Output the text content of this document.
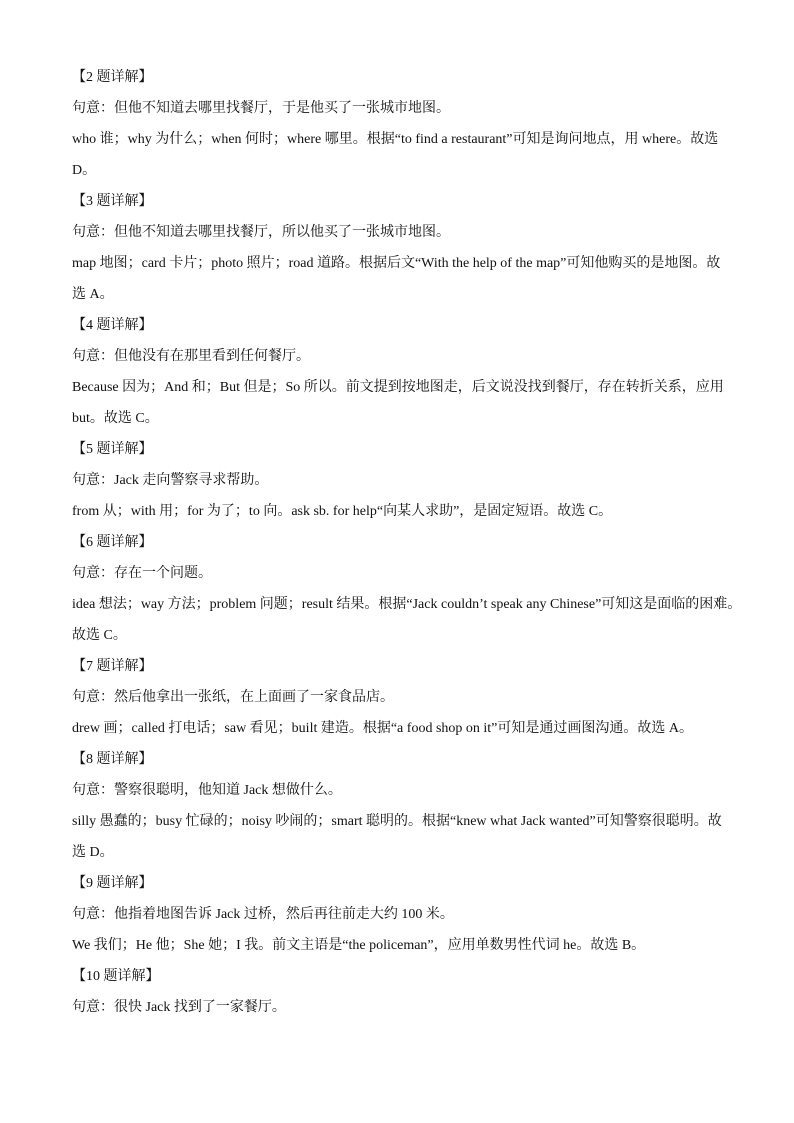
【2 题详解】
句意：但他不知道去哪里找餐厅，于是他买了一张城市地图。
who 谁；why 为什么；when 何时；where 哪里。根据“to find a restaurant”可知是询问地点，用 where。故选
D。
【3 题详解】
句意：但他不知道去哪里找餐厅，所以他买了一张城市地图。
map 地图；card 卡片；photo 照片；road 道路。根据后文“With the help of the map”可知他购买的是地图。故
选 A。
【4 题详解】
句意：但他没有在那里看到任何餐厅。
Because 因为；And 和；But 但是；So 所以。前文提到按地图走，后文说没找到餐厅，存在转折关系，应用
but。故选 C。
【5 题详解】
句意：Jack 走向警察寻求帮助。
from 从；with 用；for 为了；to 向。ask sb. for help“向某人求助”，是固定短语。故选 C。
【6 题详解】
句意：存在一个问题。
idea 想法；way 方法；problem 问题；result 结果。根据“Jack couldn’t speak any Chinese”可知这是面临的困难。
故选 C。
【7 题详解】
句意：然后他拿出一张纸，在上面画了一家食品店。
drew 画；called 打电话；saw 看见；built 建造。根据“a food shop on it”可知是通过画图沟通。故选 A。
【8 题详解】
句意：警察很聪明，他知道 Jack 想做什么。
silly 愚蠢的；busy 忙碌的；noisy 吵闹的；smart 聪明的。根据“knew what Jack wanted”可知警察很聪明。故
选 D。
【9 题详解】
句意：他指着地图告诉 Jack 过桥，然后再往前走大约 100 米。
We 我们；He 他；She 她；I 我。前文主语是“the policeman”，应用单数男性代词 he。故选 B。
【10 题详解】
句意：很快 Jack 找到了一家餐厅。
